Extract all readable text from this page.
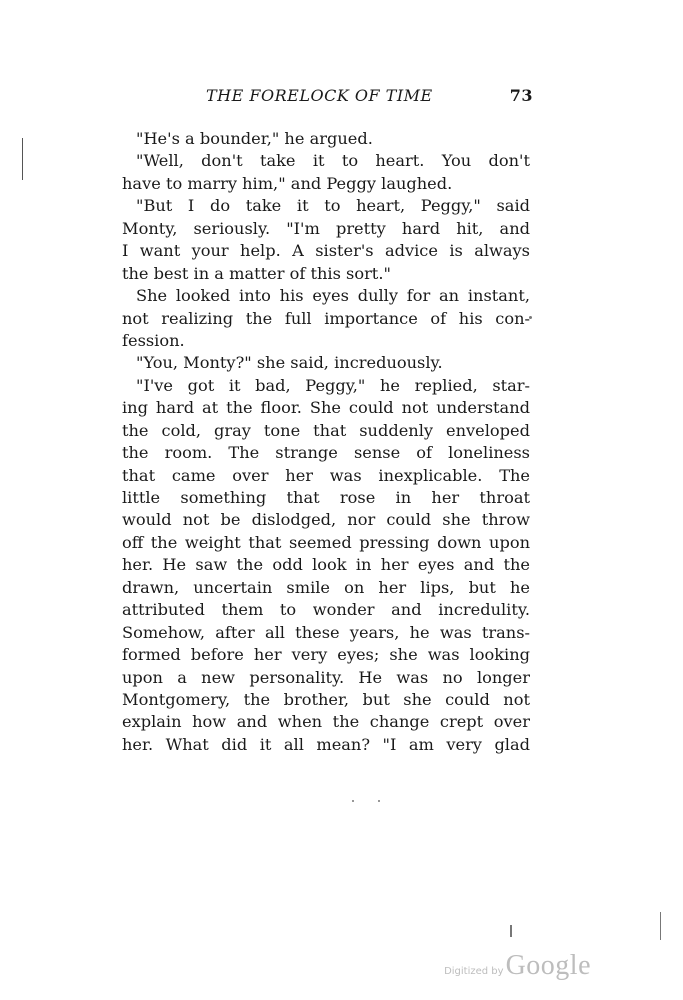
THE FORELOCK OF TIME	73
"He's a bounder," he argued.
"Well, don't take it to heart. You don't
have to marry him," and Peggy laughed.
"But I do take it to heart, Peggy," said
Monty, seriously. "I'm pretty hard hit, and
I want your help. A sister's advice is always
the best in a matter of this sort."
She looked into his eyes dully for an instant,
not realizing the full importance of his con-
fession.
"You, Monty?" she said, increduously.
"I've got it bad, Peggy," he replied, star-
ing hard at the floor. She could not understand
the cold, gray tone that suddenly enveloped
the room. The strange sense of loneliness
that came over her was inexplicable. The
little something that rose in her throat
would not be dislodged, nor could she throw
off the weight that seemed pressing down upon
her. He saw the odd look in her eyes and the
drawn, uncertain smile on her lips, but he
attributed them to wonder and incredulity.
Somehow, after all these years, he was trans-
formed before her very eyes; she was looking
upon a new personality. He was no longer
Montgomery, the brother, but she could not
explain how and when the change crept over
her. What did it all mean? "I am very glad
Digitized by Google
